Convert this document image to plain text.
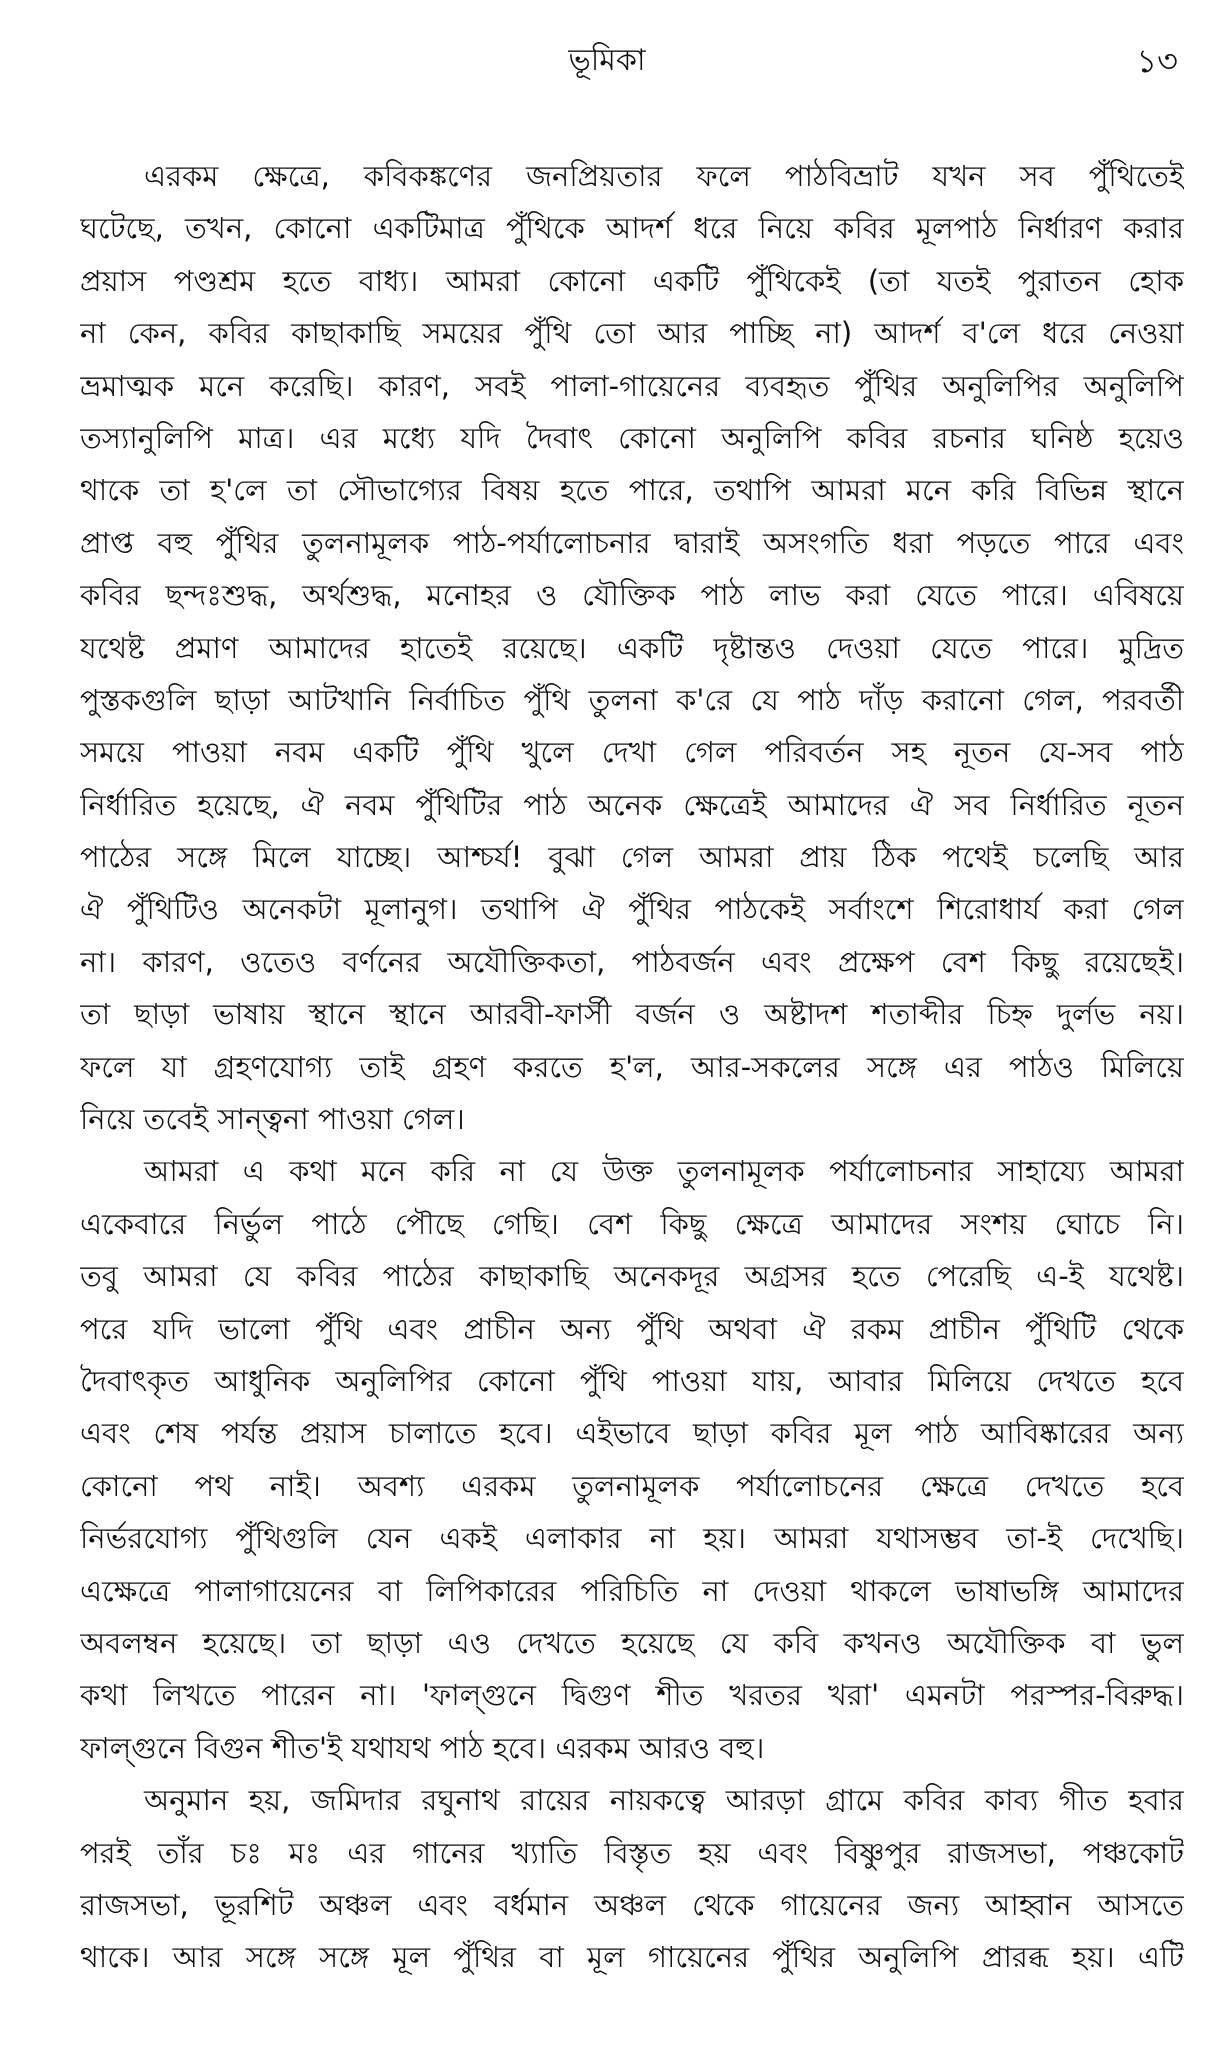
ভূমিকা	১৩
এরকম ক্ষেত্রে, কবিকঙ্কণের জনপ্রিয়তার ফলে পাঠবিভ্রাট যখন সব পুঁথিতেই
ঘটেছে, তখন, কোনো একটিমাত্র পুঁথিকে আদর্শ ধরে নিয়ে কবির মূলপাঠ নির্ধারণ করার
প্রয়াস পণ্ডশ্রম হতে বাধ্য। আমরা কোনো একটি পুঁথিকেই (তা যতই পুরাতন হোক
না কেন, কবির কাছাকাছি সময়ের পুঁথি তো আর পাচ্ছি না) আদর্শ ব'লে ধরে নেওয়া
ভ্রমাত্মক মনে করেছি। কারণ, সবই পালা-গায়েনের ব্যবহৃত পুঁথির অনুলিপির অনুলিপি
তস্যানুলিপি মাত্র। এর মধ্যে যদি দৈবাৎ কোনো অনুলিপি কবির রচনার ঘনিষ্ঠ হয়েও
থাকে তা হ'লে তা সৌভাগ্যের বিষয় হতে পারে, তথাপি আমরা মনে করি বিভিন্ন স্থানে
প্রাপ্ত বহু পুঁথির তুলনামূলক পাঠ-পর্যালোচনার দ্বারাই অসংগতি ধরা পড়তে পারে এবং
কবির ছন্দঃশুদ্ধ, অর্থশুদ্ধ, মনোহর ও যৌক্তিক পাঠ লাভ করা যেতে পারে। এবিষয়ে
যথেষ্ট প্রমাণ আমাদের হাতেই রয়েছে। একটি দৃষ্টান্তও দেওয়া যেতে পারে। মুদ্রিত
পুস্তকগুলি ছাড়া আটখানি নির্বাচিত পুঁথি তুলনা ক'রে যে পাঠ দাঁড় করানো গেল, পরবর্তী
সময়ে পাওয়া নবম একটি পুঁথি খুলে দেখা গেল পরিবর্তন সহ নূতন যে-সব পাঠ
নির্ধারিত হয়েছে, ঐ নবম পুঁথিটির পাঠ অনেক ক্ষেত্রেই আমাদের ঐ সব নির্ধারিত নূতন
পাঠের সঙ্গে মিলে যাচ্ছে। আশ্চর্য! বুঝা গেল আমরা প্রায় ঠিক পথেই চলেছি আর
ঐ পুঁথিটিও অনেকটা মূলানুগ। তথাপি ঐ পুঁথির পাঠকেই সর্বাংশে শিরোধার্য করা গেল
না। কারণ, ওতেও বর্ণনের অযৌক্তিকতা, পাঠবর্জন এবং প্রক্ষেপ বেশ কিছু রয়েছেই।
তা ছাড়া ভাষায় স্থানে স্থানে আরবী-ফার্সী বর্জন ও অষ্টাদশ শতাব্দীর চিহ্ন দুর্লভ নয়।
ফলে যা গ্রহণযোগ্য তাই গ্রহণ করতে হ'ল, আর-সকলের সঙ্গে এর পাঠও মিলিয়ে
নিয়ে তবেই সান্ত্বনা পাওয়া গেল।
আমরা এ কথা মনে করি না যে উক্ত তুলনামূলক পর্যালোচনার সাহায্যে আমরা
একেবারে নির্ভুল পাঠে পৌছে গেছি। বেশ কিছু ক্ষেত্রে আমাদের সংশয় ঘোচে নি।
তবু আমরা যে কবির পাঠের কাছাকাছি অনেকদূর অগ্রসর হতে পেরেছি এ-ই যথেষ্ট।
পরে যদি ভালো পুঁথি এবং প্রাচীন অন্য পুঁথি অথবা ঐ রকম প্রাচীন পুঁথিটি থেকে
দৈবাৎকৃত আধুনিক অনুলিপির কোনো পুঁথি পাওয়া যায়, আবার মিলিয়ে দেখতে হবে
এবং শেষ পর্যন্ত প্রয়াস চালাতে হবে। এইভাবে ছাড়া কবির মূল পাঠ আবিষ্কারের অন্য
কোনো পথ নাই। অবশ্য এরকম তুলনামূলক পর্যালোচনের ক্ষেত্রে দেখতে হবে
নির্ভরযোগ্য পুঁথিগুলি যেন একই এলাকার না হয়। আমরা যথাসম্ভব তা-ই দেখেছি।
এক্ষেত্রে পালাগায়েনের বা লিপিকারের পরিচিতি না দেওয়া থাকলে ভাষাভঙ্গি আমাদের
অবলম্বন হয়েছে। তা ছাড়া এও দেখতে হয়েছে যে কবি কখনও অযৌক্তিক বা ভুল
কথা লিখতে পারেন না। 'ফাল্গুনে দ্বিগুণ শীত খরতর খরা' এমনটা পরস্পর-বিরুদ্ধ।
ফাল্গুনে বিগুন শীত'ই যথাযথ পাঠ হবে। এরকম আরও বহু।
অনুমান হয়, জমিদার রঘুনাথ রায়ের নায়কত্বে আরড়া গ্রামে কবির কাব্য গীত হবার
পরই তাঁর চঃ মঃ এর গানের খ্যাতি বিস্তৃত হয় এবং বিষ্ণুপুর রাজসভা, পঞ্চকোট
রাজসভা, ভূরশিট অঞ্চল এবং বর্ধমান অঞ্চল থেকে গায়েনের জন্য আহ্বান আসতে
থাকে। আর সঙ্গে সঙ্গে মূল পুঁথির বা মূল গায়েনের পুঁথির অনুলিপি প্রারব্ধ হয়। এটি
